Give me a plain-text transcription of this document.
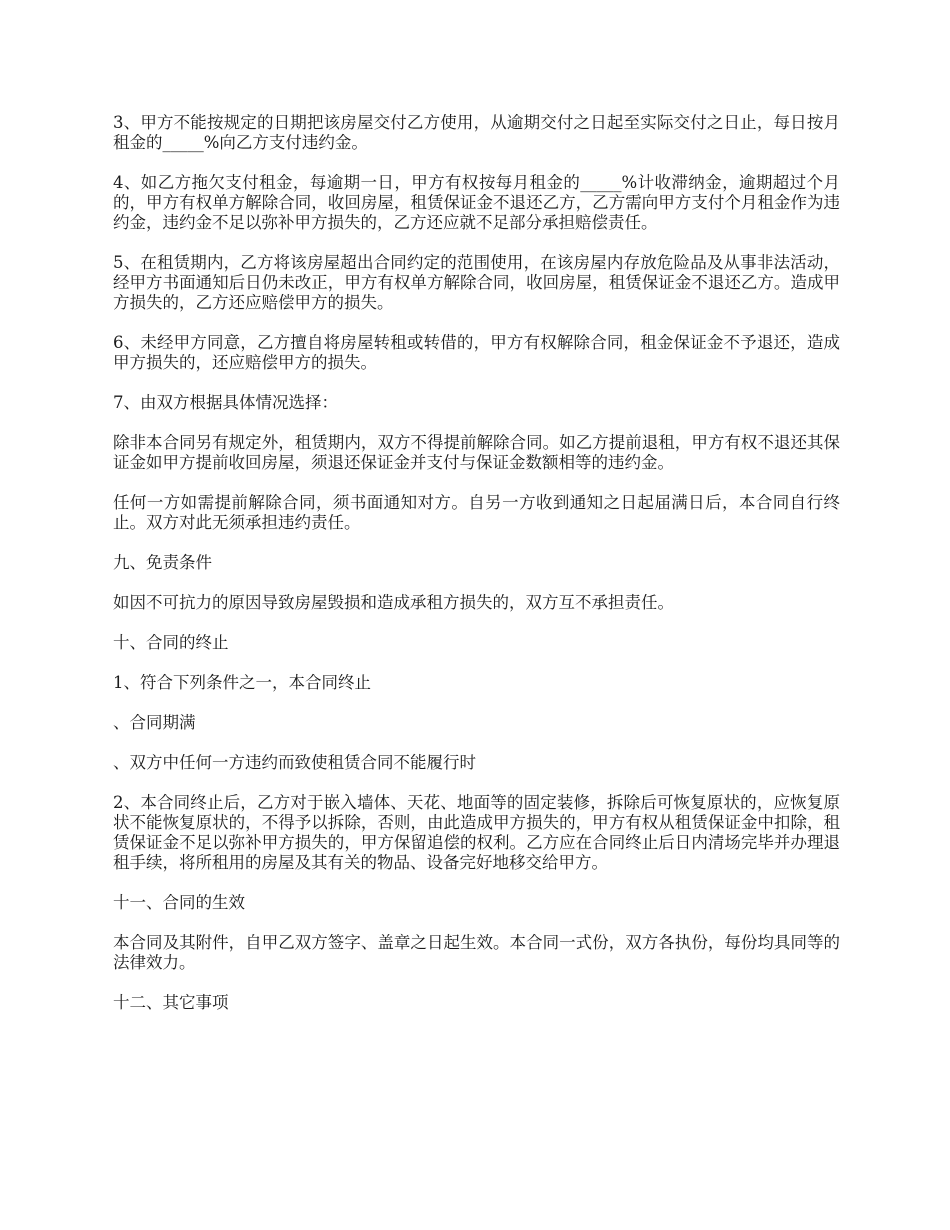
3、甲方不能按规定的日期把该房屋交付乙方使用，从逾期交付之日起至实际交付之日止，每日按月租金的_____%向乙方支付违约金。

4、如乙方拖欠支付租金，每逾期一日，甲方有权按每月租金的_____%计收滞纳金，逾期超过个月的，甲方有权单方解除合同，收回房屋，租赁保证金不退还乙方，乙方需向甲方支付个月租金作为违约金，违约金不足以弥补甲方损失的，乙方还应就不足部分承担赔偿责任。

5、在租赁期内，乙方将该房屋超出合同约定的范围使用，在该房屋内存放危险品及从事非法活动，经甲方书面通知后日仍未改正，甲方有权单方解除合同，收回房屋，租赁保证金不退还乙方。造成甲方损失的，乙方还应赔偿甲方的损失。

6、未经甲方同意，乙方擅自将房屋转租或转借的，甲方有权解除合同，租金保证金不予退还，造成甲方损失的，还应赔偿甲方的损失。

7、由双方根据具体情况选择：

除非本合同另有规定外，租赁期内，双方不得提前解除合同。如乙方提前退租，甲方有权不退还其保证金如甲方提前收回房屋，须退还保证金并支付与保证金数额相等的违约金。

任何一方如需提前解除合同，须书面通知对方。自另一方收到通知之日起届满日后，本合同自行终止。双方对此无须承担违约责任。

九、免责条件

如因不可抗力的原因导致房屋毁损和造成承租方损失的，双方互不承担责任。

十、合同的终止

1、符合下列条件之一，本合同终止

、合同期满

、双方中任何一方违约而致使租赁合同不能履行时

2、本合同终止后，乙方对于嵌入墙体、天花、地面等的固定装修，拆除后可恢复原状的，应恢复原状不能恢复原状的，不得予以拆除，否则，由此造成甲方损失的，甲方有权从租赁保证金中扣除，租赁保证金不足以弥补甲方损失的，甲方保留追偿的权利。乙方应在合同终止后日内清场完毕并办理退租手续，将所租用的房屋及其有关的物品、设备完好地移交给甲方。

十一、合同的生效

本合同及其附件，自甲乙双方签字、盖章之日起生效。本合同一式份，双方各执份，每份均具同等的法律效力。

十二、其它事项
